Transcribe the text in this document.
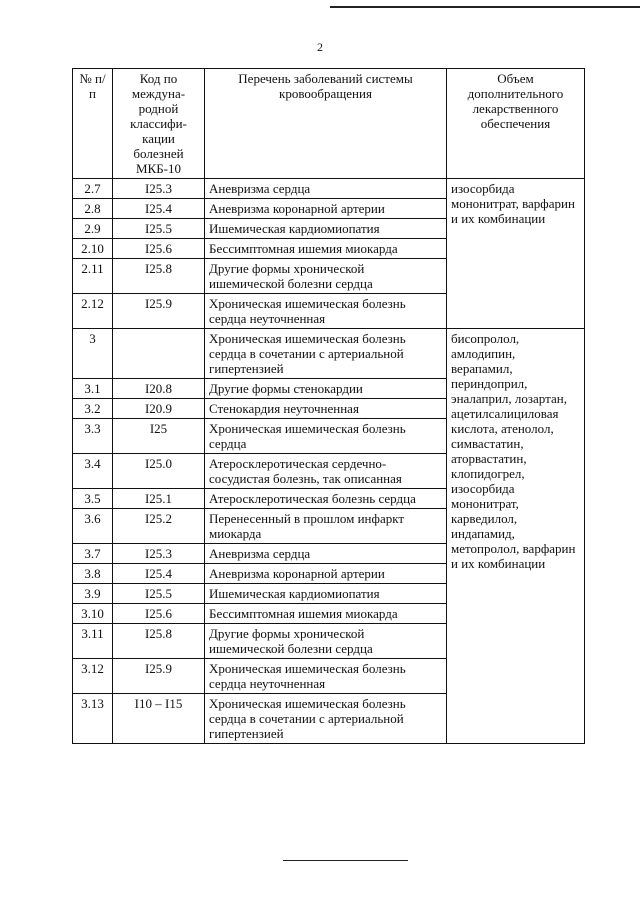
2
№ п/п	Код по междуна-родной классифи-кации болезней МКБ-10	Перечень заболеваний системы кровообращения	Объем дополнительного лекарственного обеспечения
2.7	I25.3	Аневризма сердца	изосорбида мононитрат, варфарин и их комбинации
2.8	I25.4	Аневризма коронарной артерии	
2.9	I25.5	Ишемическая кардиомиопатия	
2.10	I25.6	Бессимптомная ишемия миокарда	
2.11	I25.8	Другие формы хронической ишемической болезни сердца	
2.12	I25.9	Хроническая ишемическая болезнь сердца неуточненная	
3		Хроническая ишемическая болезнь сердца в сочетании с артериальной гипертензией	бисопролол, амлодипин, верапамил, периндоприл, эналаприл, лозартан, ацетилсалициловая кислота, атенолол, симвастатин, аторвастатин, клопидогрел, изосорбида мононитрат, карведилол, индапамид, метопролол, варфарин и их комбинации
3.1	I20.8	Другие формы стенокардии	
3.2	I20.9	Стенокардия неуточненная	
3.3	I25	Хроническая ишемическая болезнь сердца	
3.4	I25.0	Атеросклеротическая сердечно-сосудистая болезнь, так описанная	
3.5	I25.1	Атеросклеротическая болезнь сердца	
3.6	I25.2	Перенесенный в прошлом инфаркт миокарда	
3.7	I25.3	Аневризма сердца	
3.8	I25.4	Аневризма коронарной артерии	
3.9	I25.5	Ишемическая кардиомиопатия	
3.10	I25.6	Бессимптомная ишемия миокарда	
3.11	I25.8	Другие формы хронической ишемической болезни сердца	
3.12	I25.9	Хроническая ишемическая болезнь сердца неуточненная	
3.13	I10 – I15	Хроническая ишемическая болезнь сердца в сочетании с артериальной гипертензией	
